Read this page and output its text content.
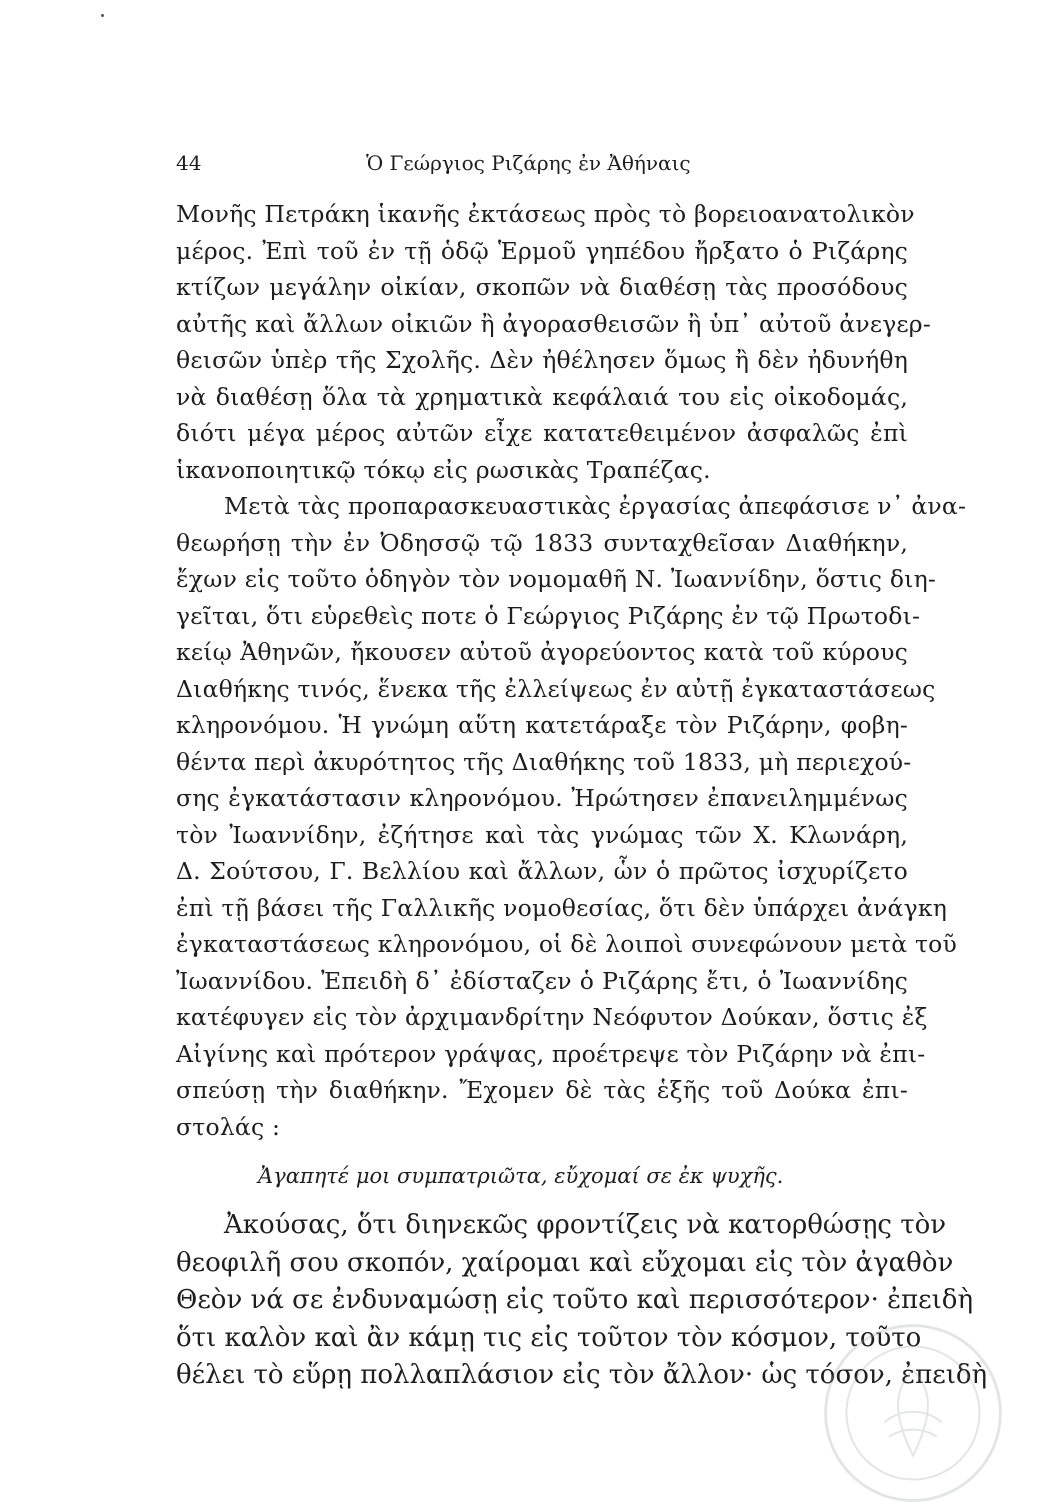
44	Ὁ Γεώργιος Ριζάρης ἐν Ἀθήναις
Μονῆς Πετράκη ἱκανῆς ἐκτάσεως πρὸς τὸ βορειοανατολικὸν
μέρος. Ἐπὶ τοῦ ἐν τῇ ὁδῷ Ἑρμοῦ γηπέδου ἤρξατο ὁ Ριζάρης
κτίζων μεγάλην οἰκίαν, σκοπῶν νὰ διαθέσῃ τὰς προσόδους
αὐτῆς καὶ ἄλλων οἰκιῶν ἢ ἀγορασθεισῶν ἢ ὑπ᾿ αὐτοῦ ἀνεγερ-
θεισῶν ὑπὲρ τῆς Σχολῆς. Δὲν ἠθέλησεν ὅμως ἢ δὲν ἠδυνήθη
νὰ διαθέσῃ ὅλα τὰ χρηματικὰ κεφάλαιά του εἰς οἰκοδομάς,
διότι μέγα μέρος αὐτῶν εἶχε κατατεθειμένον ἀσφαλῶς ἐπὶ
ἱκανοποιητικῷ τόκῳ εἰς ρωσικὰς Τραπέζας.
Μετὰ τὰς προπαρασκευαστικὰς ἐργασίας ἀπεφάσισε ν᾿ ἀνα-
θεωρήσῃ τὴν ἐν Ὀδησσῷ τῷ 1833 συνταχθεῖσαν Διαθήκην,
ἔχων εἰς τοῦτο ὁδηγὸν τὸν νομομαθῆ Ν. Ἰωαννίδην, ὅστις διη-
γεῖται, ὅτι εὑρεθεὶς ποτε ὁ Γεώργιος Ριζάρης ἐν τῷ Πρωτοδι-
κείῳ Ἀθηνῶν, ἤκουσεν αὐτοῦ ἀγορεύοντος κατὰ τοῦ κύρους
Διαθήκης τινός, ἕνεκα τῆς ἐλλείψεως ἐν αὐτῇ ἐγκαταστάσεως
κληρονόμου. Ἡ γνώμη αὕτη κατετάραξε τὸν Ριζάρην, φοβη-
θέντα περὶ ἀκυρότητος τῆς Διαθήκης τοῦ 1833, μὴ περιεχού-
σης ἐγκατάστασιν κληρονόμου. Ἠρώτησεν ἐπανειλημμένως
τὸν Ἰωαννίδην, ἐζήτησε καὶ τὰς γνώμας τῶν Χ. Κλωνάρη,
Δ. Σούτσου, Γ. Βελλίου καὶ ἄλλων, ὧν ὁ πρῶτος ἰσχυρίζετο
ἐπὶ τῇ βάσει τῆς Γαλλικῆς νομοθεσίας, ὅτι δὲν ὑπάρχει ἀνάγκη
ἐγκαταστάσεως κληρονόμου, οἱ δὲ λοιποὶ συνεφώνουν μετὰ τοῦ
Ἰωαννίδου. Ἐπειδὴ δ᾿ ἐδίσταζεν ὁ Ριζάρης ἔτι, ὁ Ἰωαννίδης
κατέφυγεν εἰς τὸν ἀρχιμανδρίτην Νεόφυτον Δούκαν, ὅστις ἐξ
Αἰγίνης καὶ πρότερον γράψας, προέτρεψε τὸν Ριζάρην νὰ ἐπι-
σπεύσῃ τὴν διαθήκην. Ἔχομεν δὲ τὰς ἑξῆς τοῦ Δούκα ἐπι-
στολάς :
Ἀγαπητέ μοι συμπατριῶτα, εὔχομαί σε ἐκ ψυχῆς.
Ἀκούσας, ὅτι διηνεκῶς φροντίζεις νὰ κατορθώσῃς τὸν
θεοφιλῆ σου σκοπόν, χαίρομαι καὶ εὔχομαι εἰς τὸν ἀγαθὸν
Θεὸν νά σε ἐνδυναμώσῃ εἰς τοῦτο καὶ περισσότερον· ἐπειδὴ
ὅτι καλὸν καὶ ἂν κάμῃ τις εἰς τοῦτον τὸν κόσμον, τοῦτο
θέλει τὸ εὕρῃ πολλαπλάσιον εἰς τὸν ἄλλον· ὡς τόσον, ἐπειδὴ
